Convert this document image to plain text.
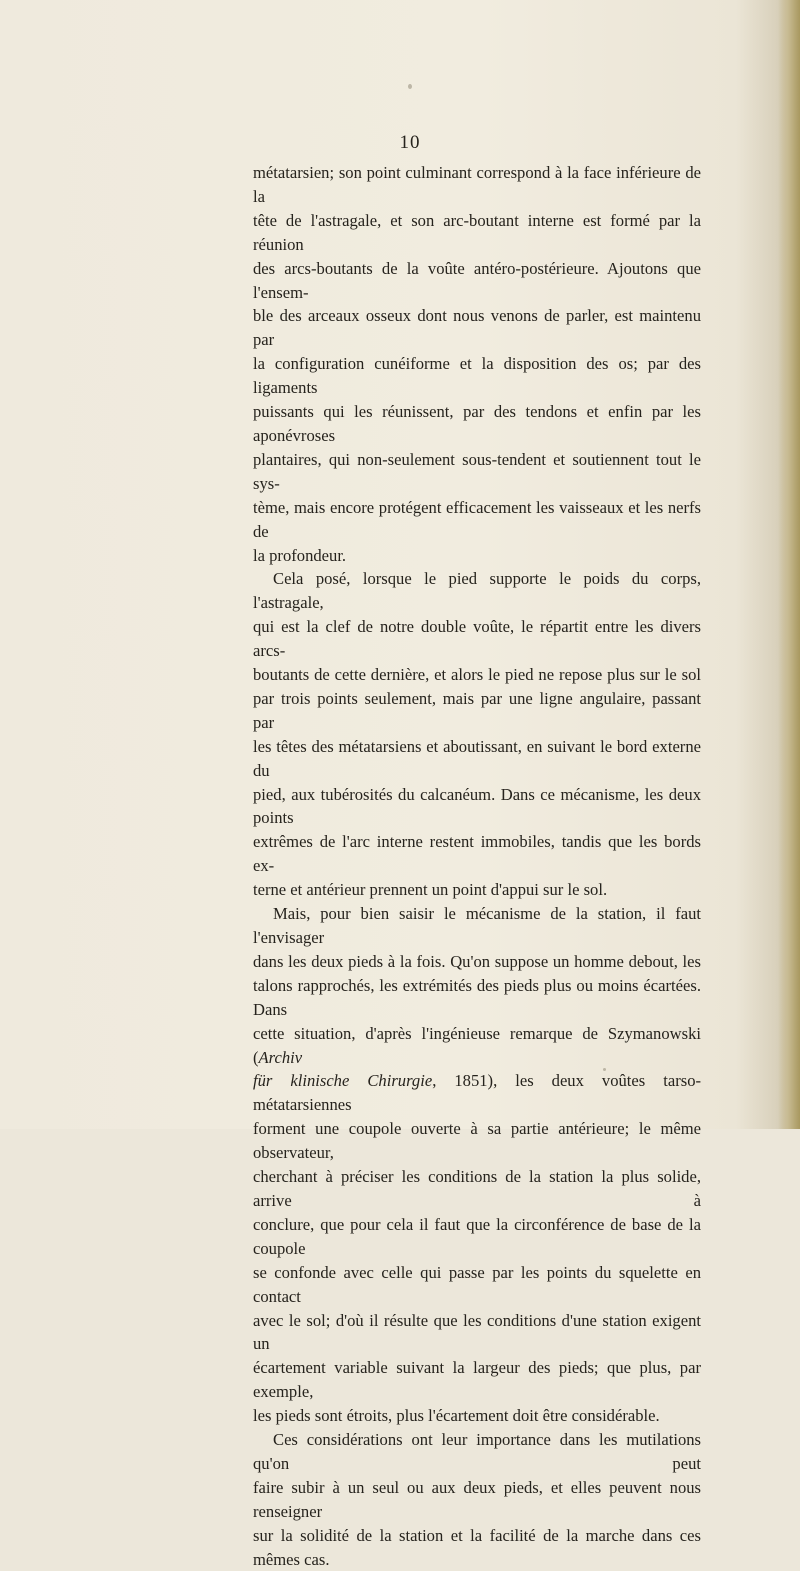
10

métatarsien; son point culminant correspond à la face inférieure de la

tête de l'astragale, et son arc-boutant interne est formé par la réunion

des arcs-boutants de la voûte antéro-postérieure. Ajoutons que l'ensem-

ble des arceaux osseux dont nous venons de parler, est maintenu par

la configuration cunéiforme et la disposition des os; par des ligaments

puissants qui les réunissent, par des tendons et enfin par les aponévroses

plantaires, qui non-seulement sous-tendent et soutiennent tout le sys-

tème, mais encore protégent efficacement les vaisseaux et les nerfs de

la profondeur.

Cela posé, lorsque le pied supporte le poids du corps, l'astragale,

qui est la clef de notre double voûte, le répartit entre les divers arcs-

boutants de cette dernière, et alors le pied ne repose plus sur le sol

par trois points seulement, mais par une ligne angulaire, passant par

les têtes des métatarsiens et aboutissant, en suivant le bord externe du

pied, aux tubérosités du calcanéum. Dans ce mécanisme, les deux points

extrêmes de l'arc interne restent immobiles, tandis que les bords ex-

terne et antérieur prennent un point d'appui sur le sol.

Mais, pour bien saisir le mécanisme de la station, il faut l'envisager

dans les deux pieds à la fois. Qu'on suppose un homme debout, les

talons rapprochés, les extrémités des pieds plus ou moins écartées. Dans

cette situation, d'après l'ingénieuse remarque de Szymanowski (Archiv

für klinische Chirurgie, 1851), les deux voûtes tarso-métatarsiennes

forment une coupole ouverte à sa partie antérieure; le même observateur,

cherchant à préciser les conditions de la station la plus solide, arrive à

conclure, que pour cela il faut que la circonférence de base de la coupole

se confonde avec celle qui passe par les points du squelette en contact

avec le sol; d'où il résulte que les conditions d'une station exigent un

écartement variable suivant la largeur des pieds; que plus, par exemple,

les pieds sont étroits, plus l'écartement doit être considérable.

Ces considérations ont leur importance dans les mutilations qu'on peut

faire subir à un seul ou aux deux pieds, et elles peuvent nous renseigner

sur la solidité de la station et la facilité de la marche dans ces mêmes cas.
